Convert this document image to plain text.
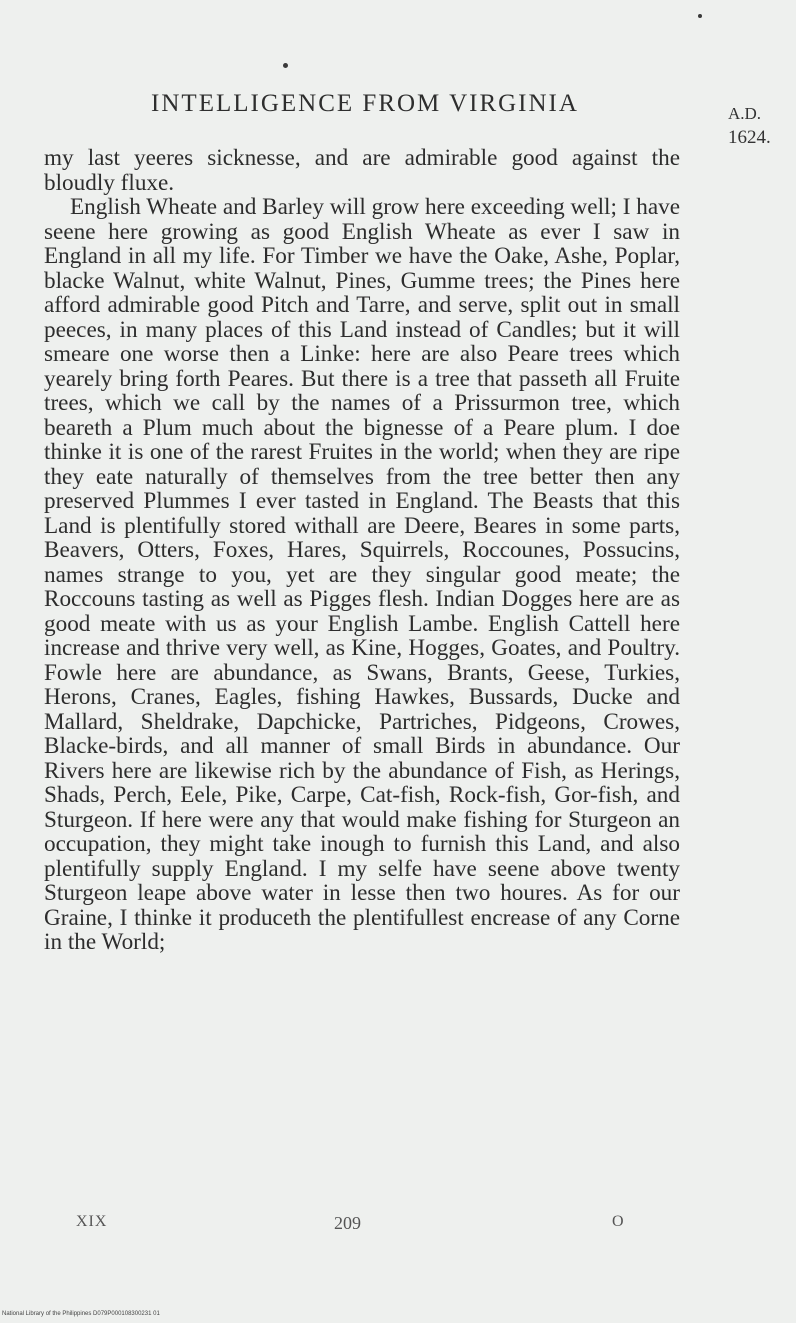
INTELLIGENCE FROM VIRGINIA	A.D.
1624.

my last yeeres sicknesse, and are admirable good against the bloudly fluxe.

English Wheate and Barley will grow here exceeding well; I have seene here growing as good English Wheate as ever I saw in England in all my life. For Timber we have the Oake, Ashe, Poplar, blacke Walnut, white Walnut, Pines, Gumme trees; the Pines here afford admirable good Pitch and Tarre, and serve, split out in small peeces, in many places of this Land instead of Candles; but it will smeare one worse then a Linke: here are also Peare trees which yearely bring forth Peares. But there is a tree that passeth all Fruite trees, which we call by the names of a Prissurmon tree, which beareth a Plum much about the bignesse of a Peare plum. I doe thinke it is one of the rarest Fruites in the world; when they are ripe they eate naturally of themselves from the tree better then any preserved Plummes I ever tasted in England. The Beasts that this Land is plentifully stored withall are Deere, Beares in some parts, Beavers, Otters, Foxes, Hares, Squirrels, Roccounes, Possucins, names strange to you, yet are they singular good meate; the Roccouns tasting as well as Pigges flesh. Indian Dogges here are as good meate with us as your English Lambe. English Cattell here increase and thrive very well, as Kine, Hogges, Goates, and Poultry. Fowle here are abundance, as Swans, Brants, Geese, Turkies, Herons, Cranes, Eagles, fishing Hawkes, Bussards, Ducke and Mallard, Sheldrake, Dapchicke, Partriches, Pidgeons, Crowes, Blacke-birds, and all manner of small Birds in abundance. Our Rivers here are likewise rich by the abundance of Fish, as Herings, Shads, Perch, Eele, Pike, Carpe, Cat-fish, Rock-fish, Gor-fish, and Sturgeon. If here were any that would make fishing for Sturgeon an occupation, they might take inough to furnish this Land, and also plentifully supply England. I my selfe have seene above twenty Sturgeon leape above water in lesse then two houres. As for our Graine, I thinke it produceth the plentifullest encrease of any Corne in the World;

XIX	209	O
National Library of the Philippines D079P000108300231 01
